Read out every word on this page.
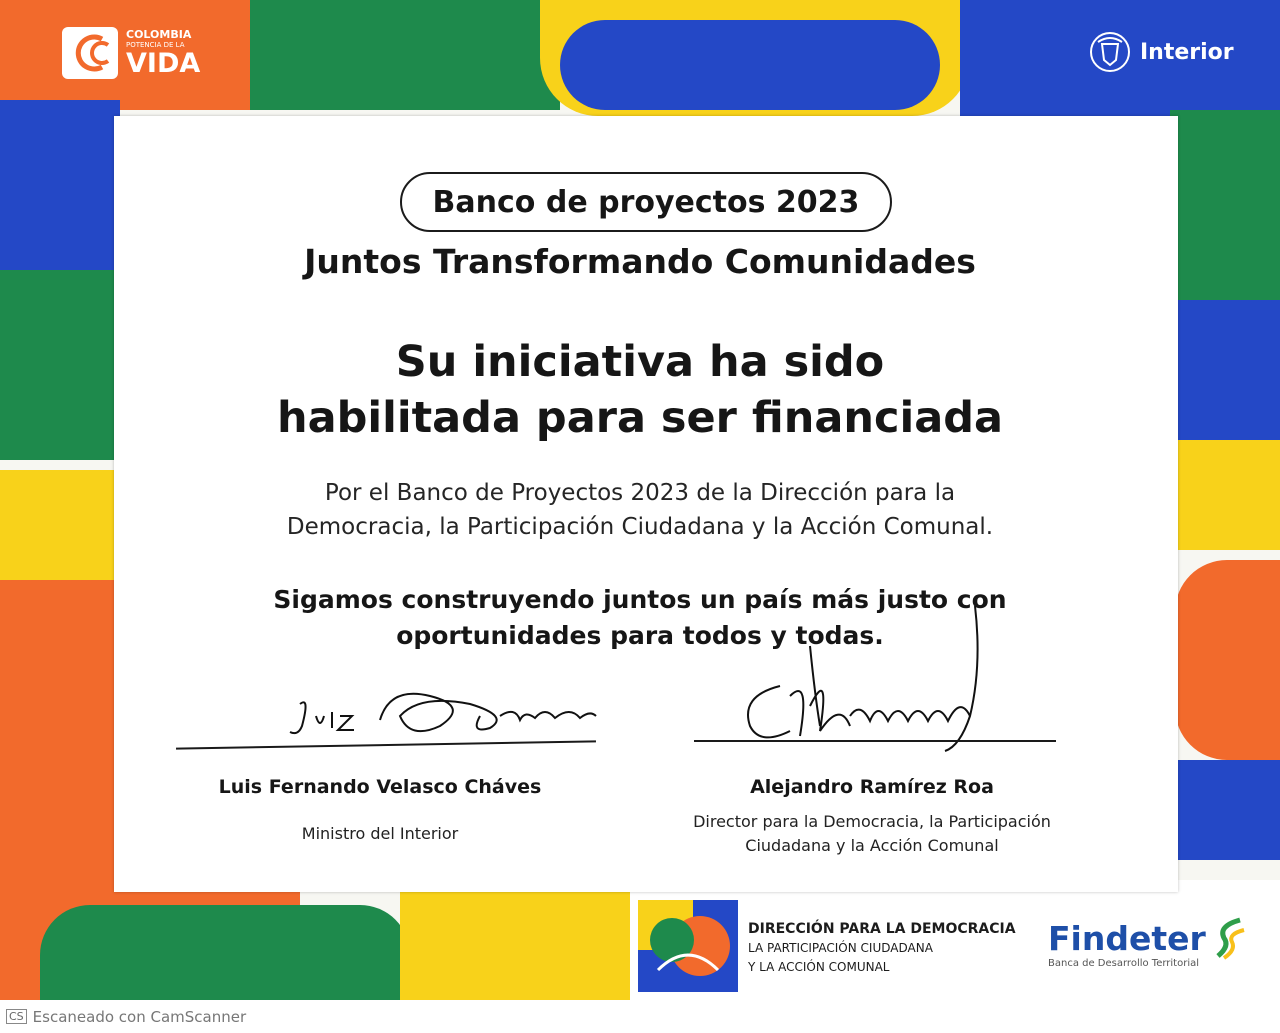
COLOMBIA
POTENCIA DE LA
VIDA	Interior
Banco de proyectos 2023
Juntos Transformando Comunidades
Su iniciativa ha sido
habilitada para ser financiada
Por el Banco de Proyectos 2023 de la Dirección para la
Democracia, la Participación Ciudadana y la Acción Comunal.
Sigamos construyendo juntos un país más justo con
oportunidades para todos y todas.
Luis Fernando Velasco Cháves
Ministro del Interior
Alejandro Ramírez Roa
Director para la Democracia, la Participación
Ciudadana y la Acción Comunal
DIRECCIÓN PARA LA DEMOCRACIA
LA PARTICIPACIÓN CIUDADANA
Y LA ACCIÓN COMUNAL
Findeter
Banca de Desarrollo Territorial
CS Escaneado con CamScanner
